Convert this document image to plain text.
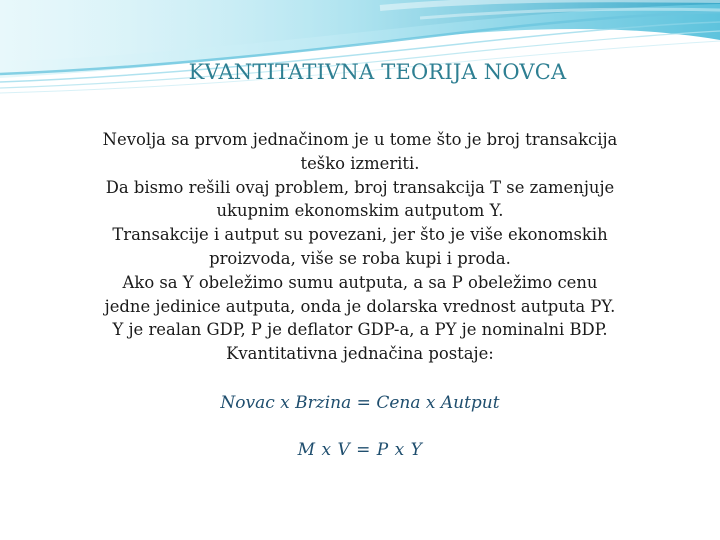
KVANTITATIVNA TEORIJA NOVCA

Nevolja sa prvom jednačinom je u tome što je broj transakcija

teško izmeriti.

Da bismo rešili ovaj problem, broj transakcija T se zamenjuje

ukupnim ekonomskim autputom Y.

Transakcije i autput su povezani, jer što je više ekonomskih

proizvoda, više se roba kupi i proda.

Ako sa Y obeležimo sumu autputa, a sa P obeležimo cenu

jedne jedinice autputa, onda je dolarska vrednost autputa PY.

Y je realan GDP, P je deflator GDP-a, a PY je nominalni BDP.

Kvantitativna jednačina postaje:

Novac x Brzina = Cena x Autput

M x V = P x Y
